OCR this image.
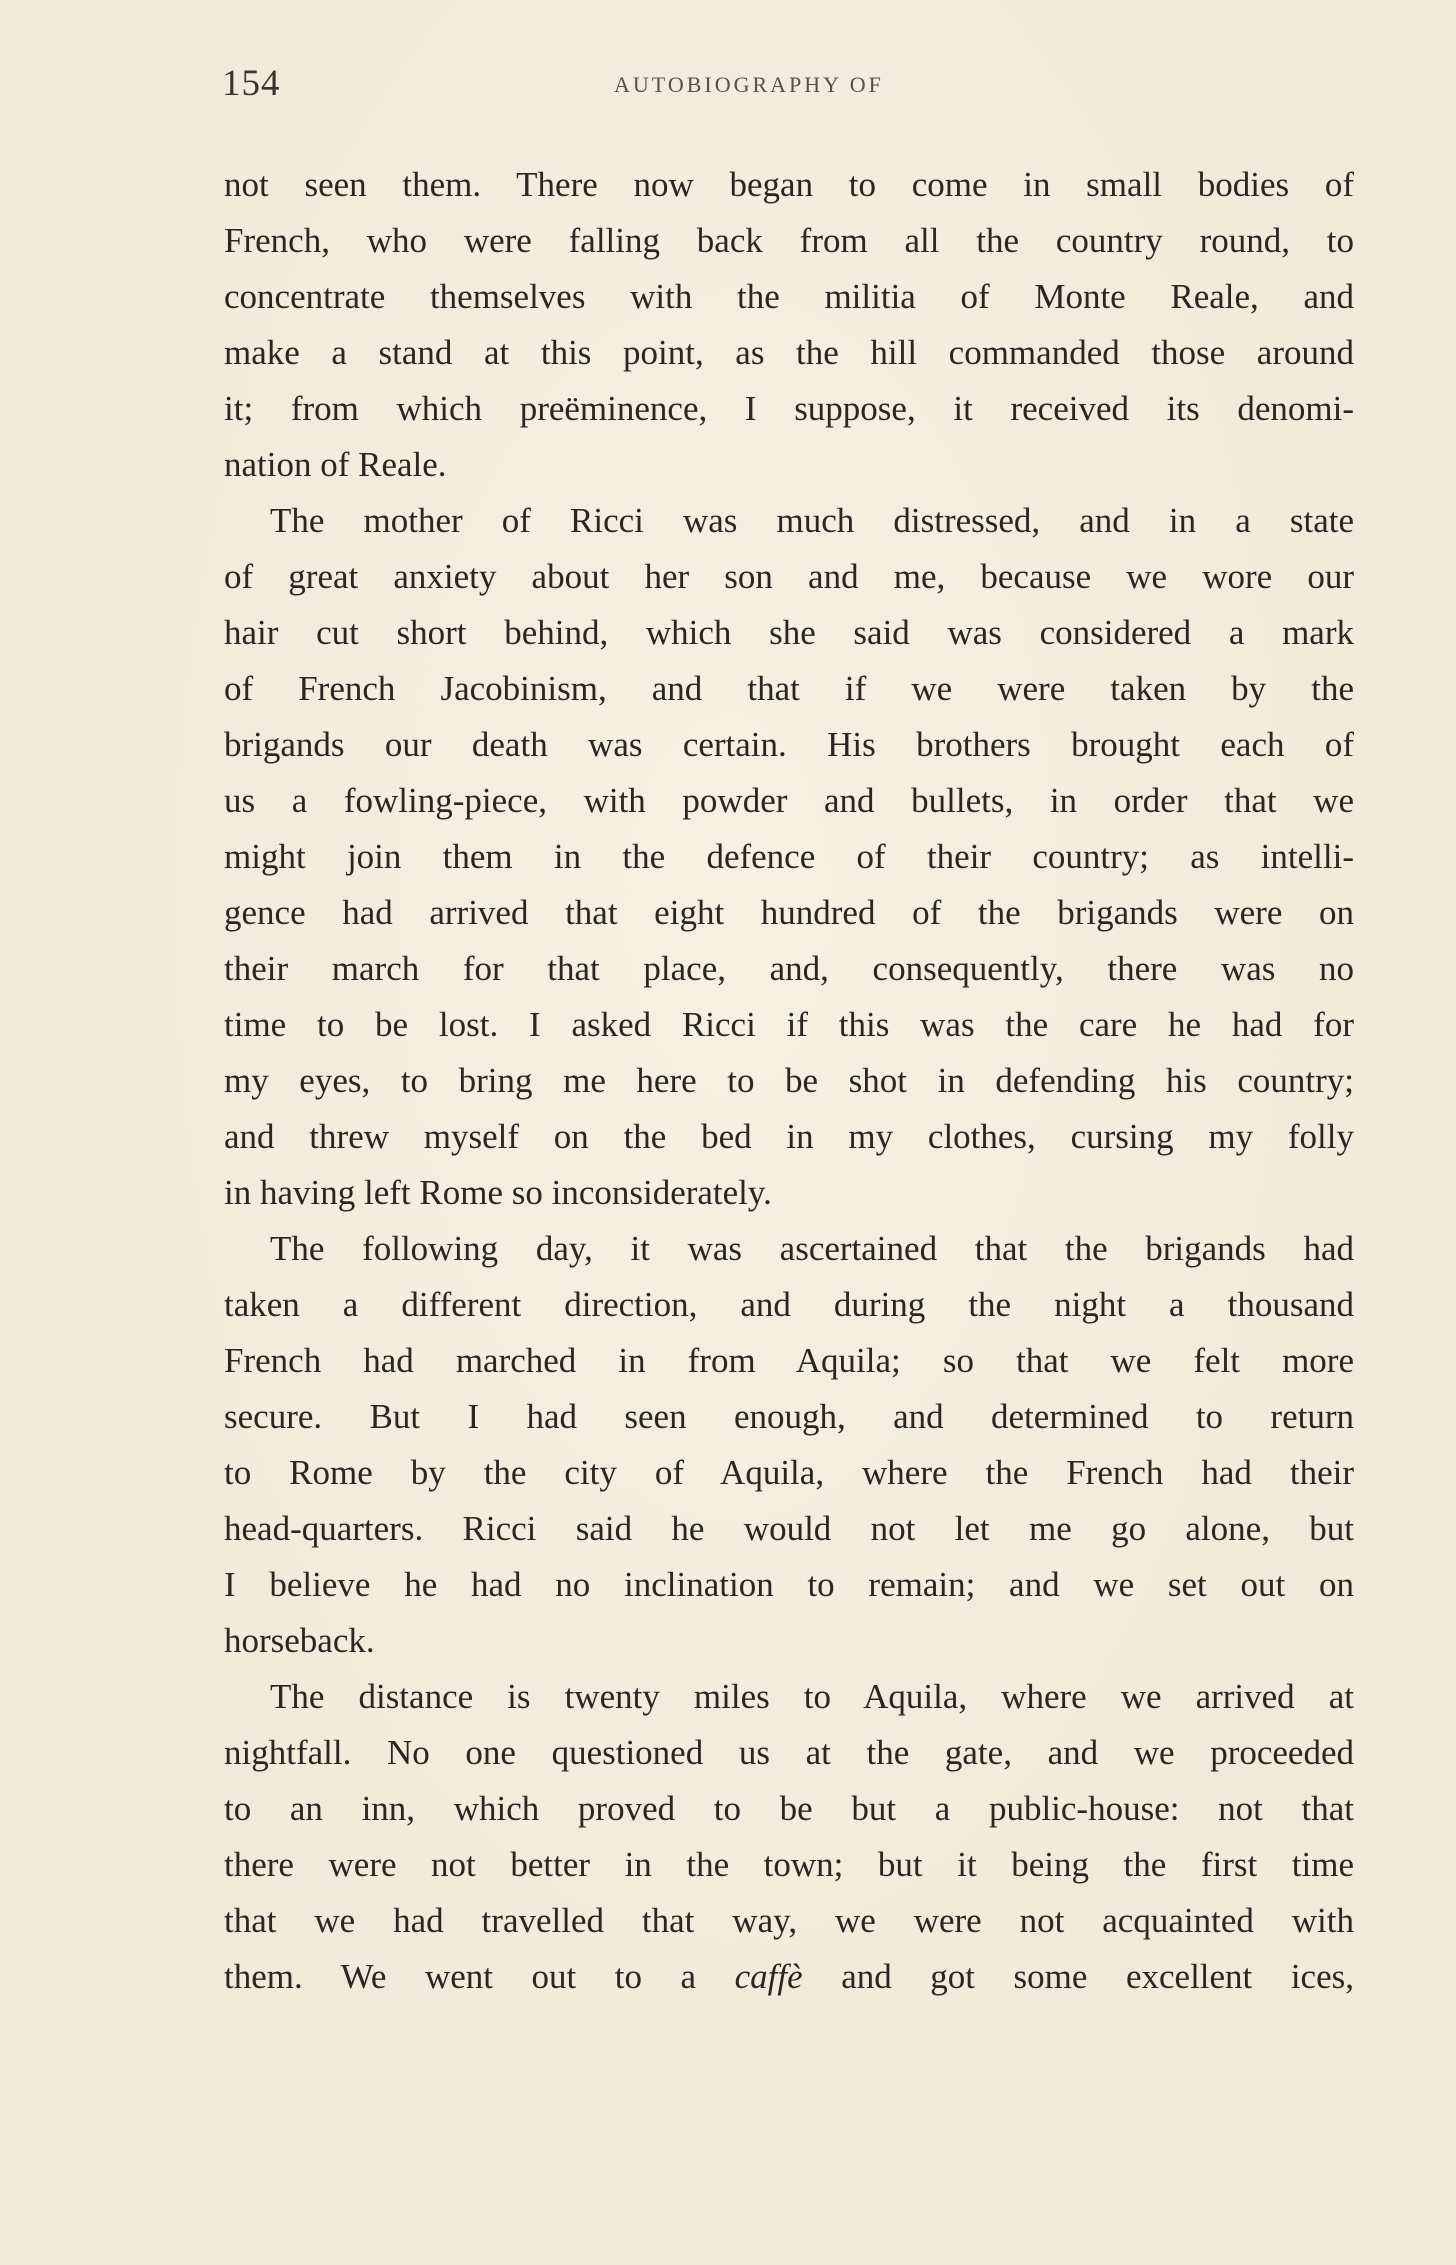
154	AUTOBIOGRAPHY OF
not seen them. There now began to come in small bodies of
French, who were falling back from all the country round, to
concentrate themselves with the militia of Monte Reale, and
make a stand at this point, as the hill commanded those around
it; from which preëminence, I suppose, it received its denomi-
nation of Reale.
The mother of Ricci was much distressed, and in a state
of great anxiety about her son and me, because we wore our
hair cut short behind, which she said was considered a mark
of French Jacobinism, and that if we were taken by the
brigands our death was certain. His brothers brought each of
us a fowling-piece, with powder and bullets, in order that we
might join them in the defence of their country; as intelli-
gence had arrived that eight hundred of the brigands were on
their march for that place, and, consequently, there was no
time to be lost. I asked Ricci if this was the care he had for
my eyes, to bring me here to be shot in defending his country;
and threw myself on the bed in my clothes, cursing my folly
in having left Rome so inconsiderately.
The following day, it was ascertained that the brigands had
taken a different direction, and during the night a thousand
French had marched in from Aquila; so that we felt more
secure. But I had seen enough, and determined to return
to Rome by the city of Aquila, where the French had their
head-quarters. Ricci said he would not let me go alone, but
I believe he had no inclination to remain; and we set out on
horseback.
The distance is twenty miles to Aquila, where we arrived at
nightfall. No one questioned us at the gate, and we proceeded
to an inn, which proved to be but a public-house: not that
there were not better in the town; but it being the first time
that we had travelled that way, we were not acquainted with
them. We went out to a caffè and got some excellent ices,
